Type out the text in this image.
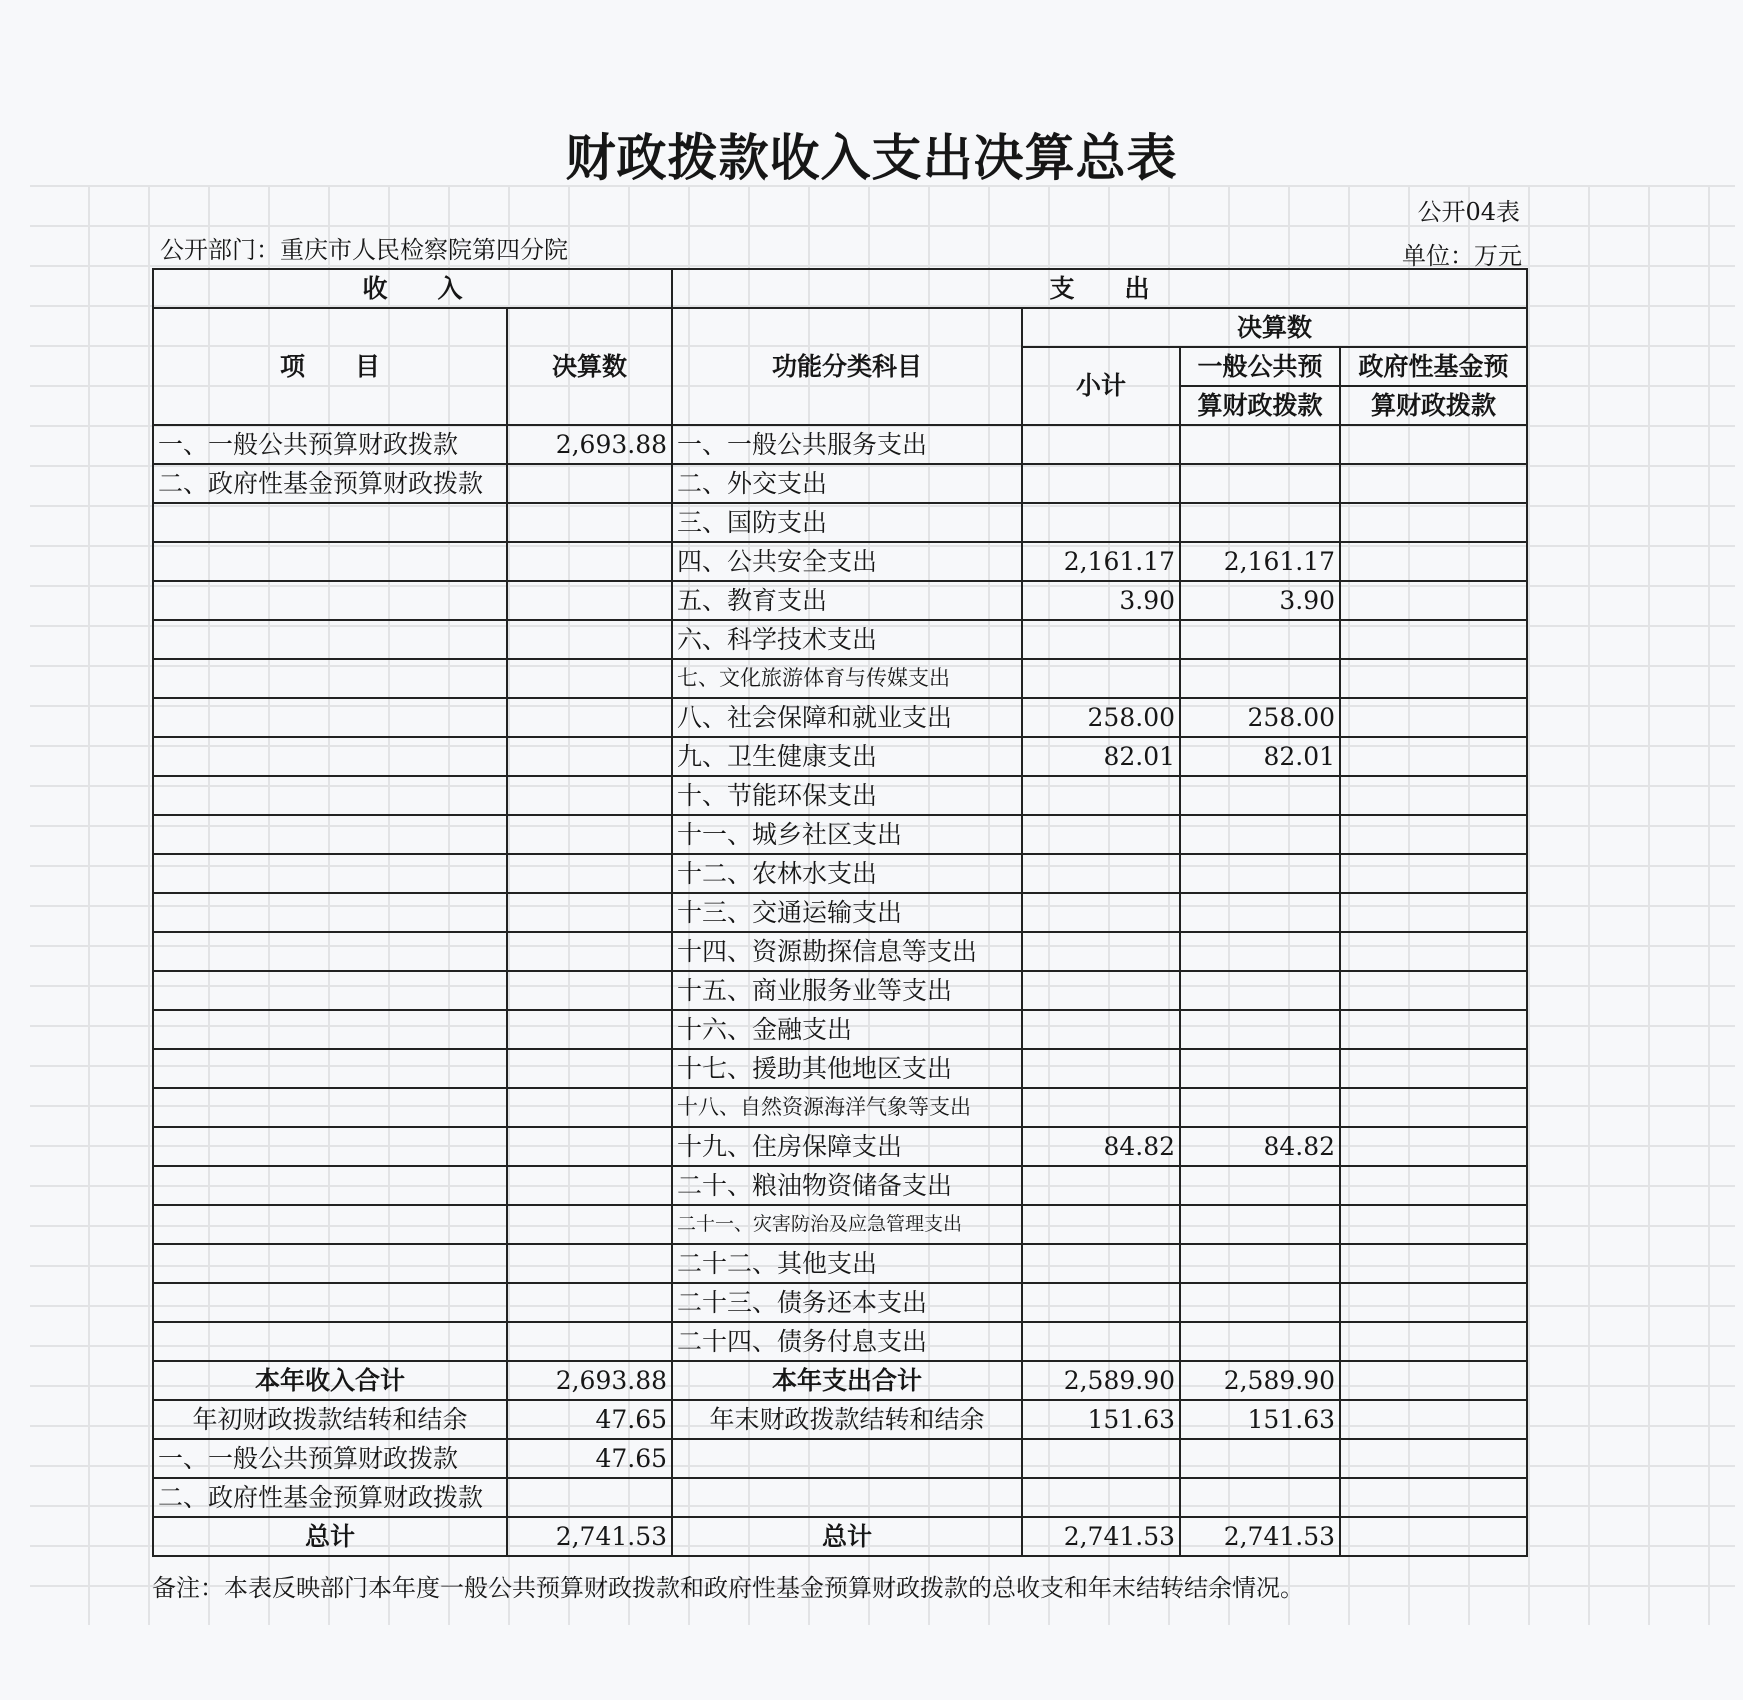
财政拨款收入支出决算总表
公开04表
公开部门：重庆市人民检察院第四分院	单位：万元
收　　入		支　　出			
项　　目	决算数	功能分类科目	决算数		
			小计	一般公共预	政府性基金预
				算财政拨款	算财政拨款
一、一般公共预算财政拨款	2,693.88	一、一般公共服务支出			
二、政府性基金预算财政拨款		二、外交支出			
		三、国防支出			
		四、公共安全支出	2,161.17	2,161.17	
		五、教育支出	3.90	3.90	
		六、科学技术支出			
		七、文化旅游体育与传媒支出			
		八、社会保障和就业支出	258.00	258.00	
		九、卫生健康支出	82.01	82.01	
		十、节能环保支出			
		十一、城乡社区支出			
		十二、农林水支出			
		十三、交通运输支出			
		十四、资源勘探信息等支出			
		十五、商业服务业等支出			
		十六、金融支出			
		十七、援助其他地区支出			
		十八、自然资源海洋气象等支出			
		十九、住房保障支出	84.82	84.82	
		二十、粮油物资储备支出			
		二十一、灾害防治及应急管理支出			
		二十二、其他支出			
		二十三、债务还本支出			
		二十四、债务付息支出			
本年收入合计	2,693.88	本年支出合计	2,589.90	2,589.90	
年初财政拨款结转和结余	47.65	年末财政拨款结转和结余	151.63	151.63	
一、一般公共预算财政拨款	47.65				
二、政府性基金预算财政拨款					
总计	2,741.53	总计	2,741.53	2,741.53	
备注：本表反映部门本年度一般公共预算财政拨款和政府性基金预算财政拨款的总收支和年末结转结余情况。
